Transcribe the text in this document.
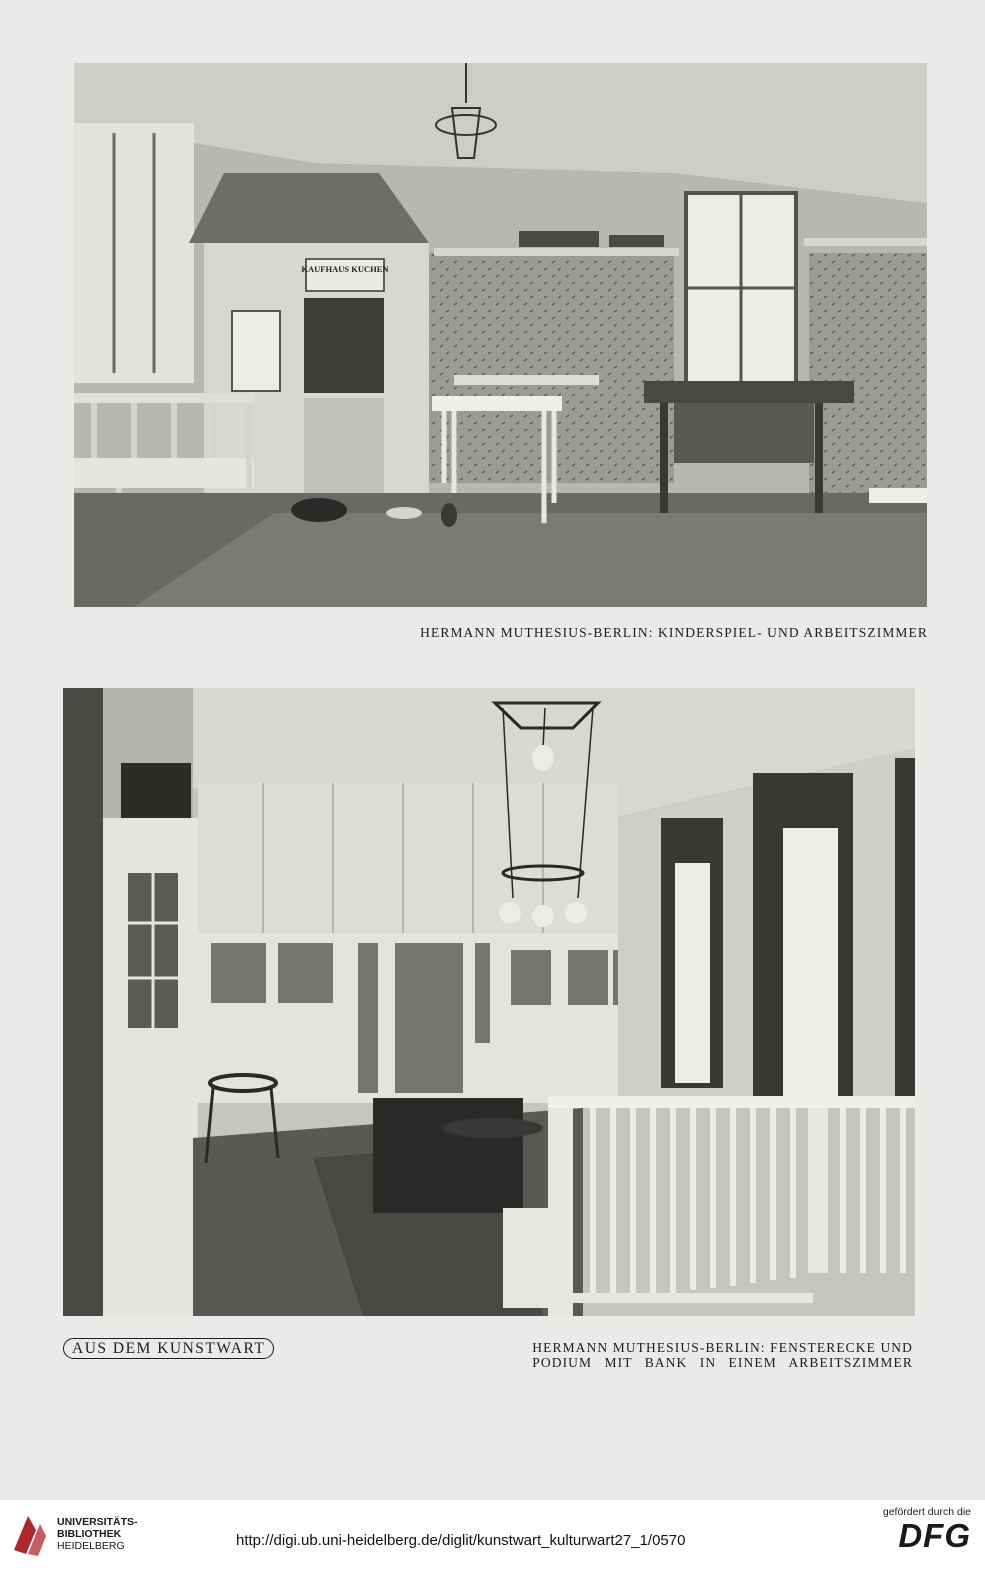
KAUFHAUS KUCHEN
HERMANN MUTHESIUS-BERLIN: KINDERSPIEL- UND ARBEITSZIMMER
HERMANN MUTHESIUS-BERLIN: FENSTERECKE UND
PODIUM MIT BANK IN EINEM ARBEITSZIMMER
AUS DEM KUNSTWART
UNIVERSITÄTS-
BIBLIOTHEK
HEIDELBERG	http://digi.ub.uni-heidelberg.de/diglit/kunstwart_kulturwart27_1/0570
gefördert durch die
DFG
